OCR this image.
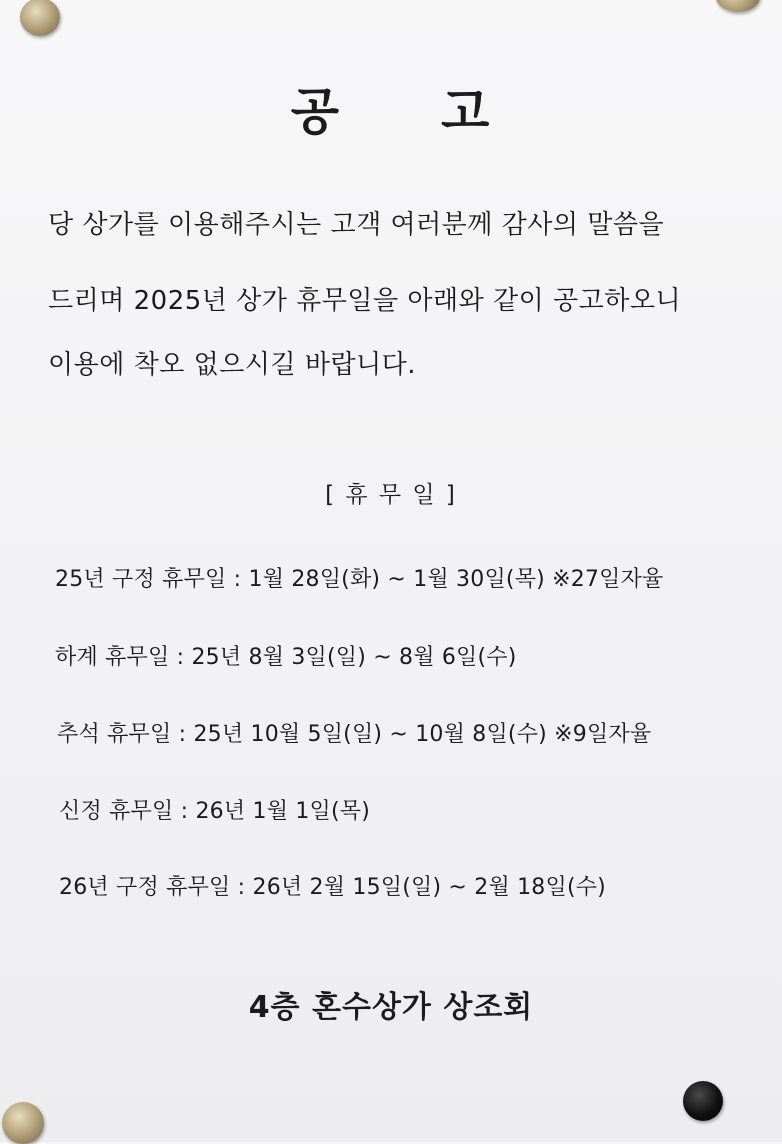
공 고
당 상가를 이용해주시는 고객 여러분께 감사의 말씀을
드리며 2025년 상가 휴무일을 아래와 같이 공고하오니
이용에 착오 없으시길 바랍니다.
[ 휴 무 일 ]
25년 구정 휴무일 : 1월 28일(화) ~ 1월 30일(목) ※27일자율
하계 휴무일 : 25년 8월 3일(일) ~ 8월 6일(수)
추석 휴무일 : 25년 10월 5일(일) ~ 10월 8일(수) ※9일자율
신정 휴무일 : 26년 1월 1일(목)
26년 구정 휴무일 : 26년 2월 15일(일) ~ 2월 18일(수)
4층 혼수상가 상조회
